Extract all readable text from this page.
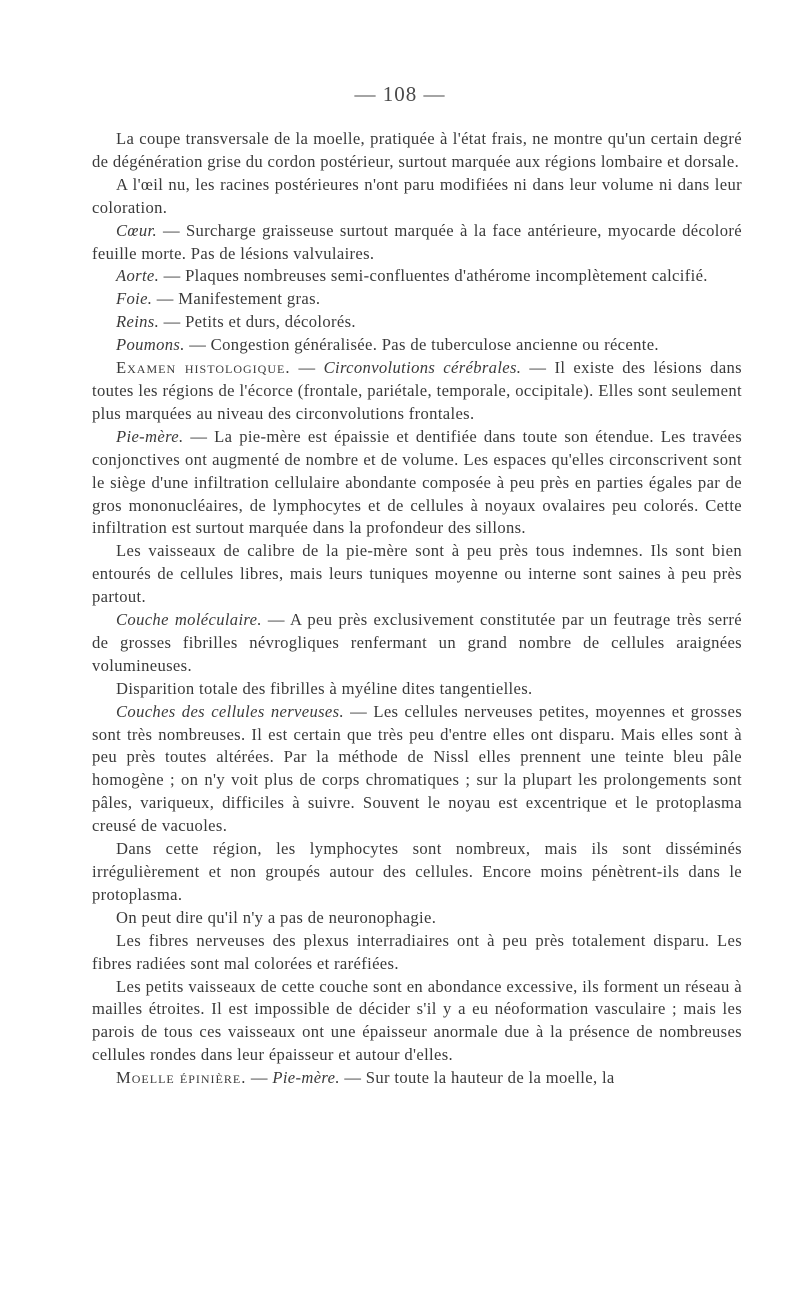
— 108 —

La coupe transversale de la moelle, pratiquée à l'état frais, ne montre qu'un certain degré de dégénération grise du cordon postérieur, surtout marquée aux régions lombaire et dorsale.

A l'œil nu, les racines postérieures n'ont paru modifiées ni dans leur volume ni dans leur coloration.

Cœur. — Surcharge graisseuse surtout marquée à la face antérieure, myocarde décoloré feuille morte. Pas de lésions valvulaires.

Aorte. — Plaques nombreuses semi-confluentes d'athérome incomplètement calcifié.

Foie. — Manifestement gras.

Reins. — Petits et durs, décolorés.

Poumons. — Congestion généralisée. Pas de tuberculose ancienne ou récente.

Examen histologique. — Circonvolutions cérébrales. — Il existe des lésions dans toutes les régions de l'écorce (frontale, pariétale, temporale, occipitale). Elles sont seulement plus marquées au niveau des circonvolutions frontales.

Pie-mère. — La pie-mère est épaissie et dentifiée dans toute son étendue. Les travées conjonctives ont augmenté de nombre et de volume. Les espaces qu'elles circonscrivent sont le siège d'une infiltration cellulaire abondante composée à peu près en parties égales par de gros mononucléaires, de lymphocytes et de cellules à noyaux ovalaires peu colorés. Cette infiltration est surtout marquée dans la profondeur des sillons.

Les vaisseaux de calibre de la pie-mère sont à peu près tous indemnes. Ils sont bien entourés de cellules libres, mais leurs tuniques moyenne ou interne sont saines à peu près partout.

Couche moléculaire. — A peu près exclusivement constitutée par un feutrage très serré de grosses fibrilles névrogliques renfermant un grand nombre de cellules araignées volumineuses.

Disparition totale des fibrilles à myéline dites tangentielles.

Couches des cellules nerveuses. — Les cellules nerveuses petites, moyennes et grosses sont très nombreuses. Il est certain que très peu d'entre elles ont disparu. Mais elles sont à peu près toutes altérées. Par la méthode de Nissl elles prennent une teinte bleu pâle homogène ; on n'y voit plus de corps chromatiques ; sur la plupart les prolongements sont pâles, variqueux, difficiles à suivre. Souvent le noyau est excentrique et le protoplasma creusé de vacuoles.

Dans cette région, les lymphocytes sont nombreux, mais ils sont disséminés irrégulièrement et non groupés autour des cellules. Encore moins pénètrent-ils dans le protoplasma.

On peut dire qu'il n'y a pas de neuronophagie.

Les fibres nerveuses des plexus interradiaires ont à peu près totalement disparu. Les fibres radiées sont mal colorées et raréfiées.

Les petits vaisseaux de cette couche sont en abondance excessive, ils forment un réseau à mailles étroites. Il est impossible de décider s'il y a eu néoformation vasculaire ; mais les parois de tous ces vaisseaux ont une épaisseur anormale due à la présence de nombreuses cellules rondes dans leur épaisseur et autour d'elles.

Moelle épinière. — Pie-mère. — Sur toute la hauteur de la moelle, la
